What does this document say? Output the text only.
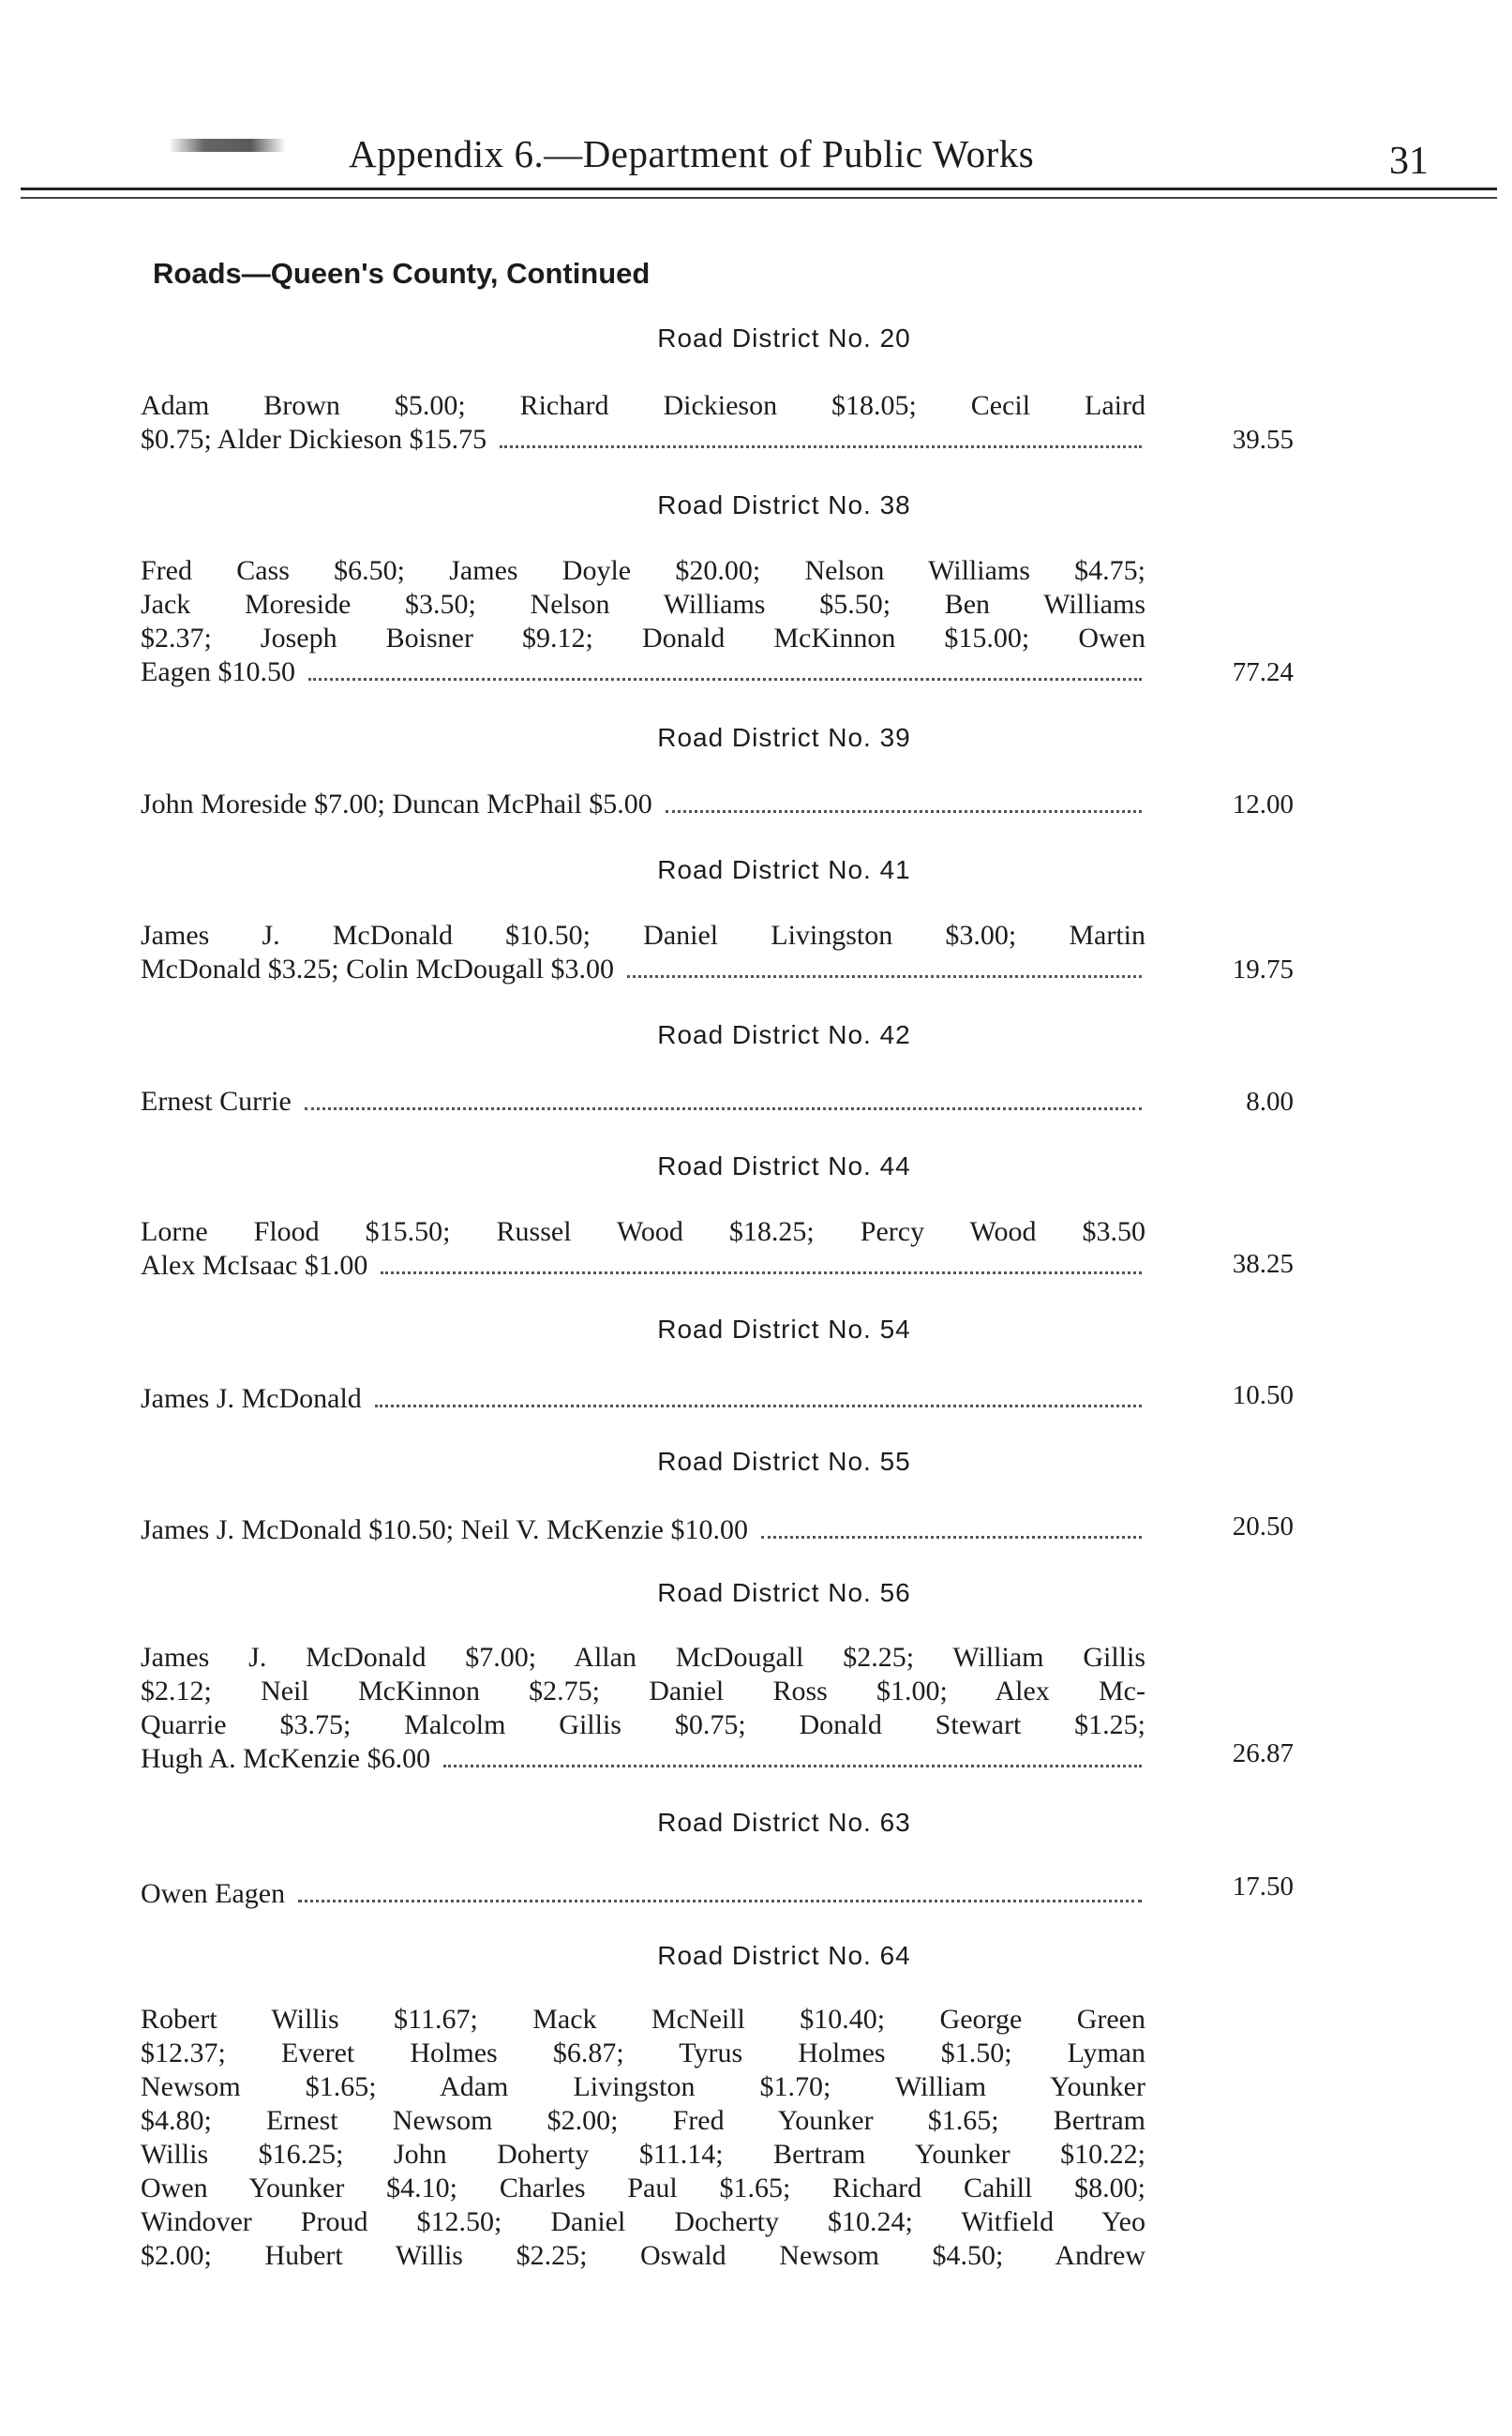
Appendix 6.—Department of Public Works	31
Roads—Queen's County, Continued
Road District No. 20
Adam Brown $5.00; Richard Dickieson $18.05; Cecil Laird
$0.75; Alder Dickieson $15.75	39.55
Road District No. 38
Fred Cass $6.50; James Doyle $20.00; Nelson Williams $4.75;
Jack Moreside $3.50; Nelson Williams $5.50; Ben Williams
$2.37; Joseph Boisner $9.12; Donald McKinnon $15.00; Owen
Eagen $10.50	77.24
Road District No. 39
John Moreside $7.00; Duncan McPhail $5.00	12.00
Road District No. 41
James J. McDonald $10.50; Daniel Livingston $3.00; Martin
McDonald $3.25; Colin McDougall $3.00	19.75
Road District No. 42
Ernest Currie	8.00
Road District No. 44
Lorne Flood $15.50; Russel Wood $18.25; Percy Wood $3.50
Alex McIsaac $1.00	38.25
Road District No. 54
James J. McDonald	10.50
Road District No. 55
James J. McDonald $10.50; Neil V. McKenzie $10.00	20.50
Road District No. 56
James J. McDonald $7.00; Allan McDougall $2.25; William Gillis
$2.12; Neil McKinnon $2.75; Daniel Ross $1.00; Alex Mc-
Quarrie $3.75; Malcolm Gillis $0.75; Donald Stewart $1.25;
Hugh A. McKenzie $6.00	26.87
Road District No. 63
Owen Eagen	17.50
Road District No. 64
Robert Willis $11.67; Mack McNeill $10.40; George Green
$12.37; Everet Holmes $6.87; Tyrus Holmes $1.50; Lyman
Newsom $1.65; Adam Livingston $1.70; William Younker
$4.80; Ernest Newsom $2.00; Fred Younker $1.65; Bertram
Willis $16.25; John Doherty $11.14; Bertram Younker $10.22;
Owen Younker $4.10; Charles Paul $1.65; Richard Cahill $8.00;
Windover Proud $12.50; Daniel Docherty $10.24; Witfield Yeo
$2.00; Hubert Willis $2.25; Oswald Newsom $4.50; Andrew
